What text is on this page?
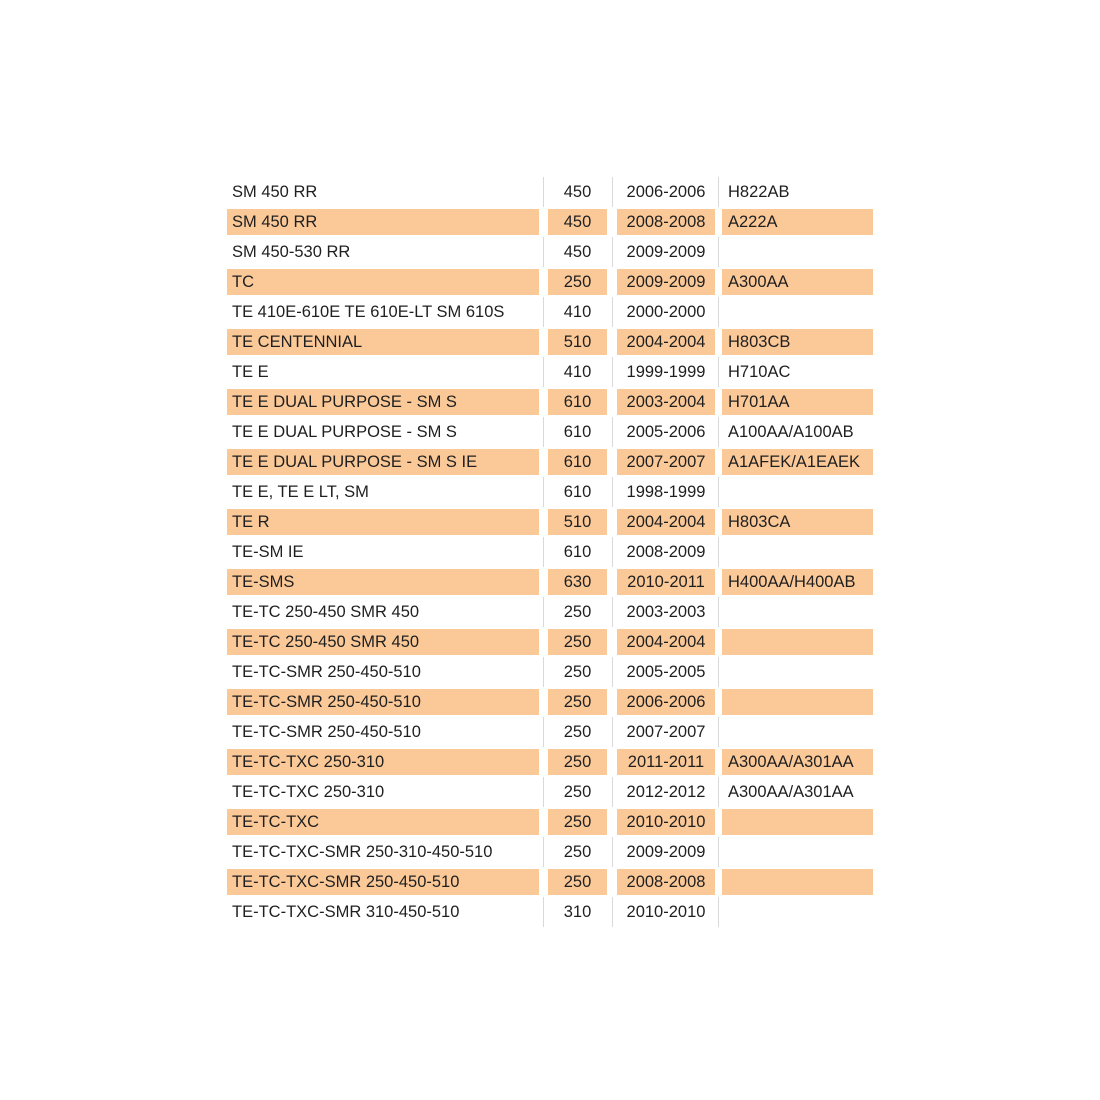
SM 450 RR	450	2006-2006	H822AB
SM 450 RR	450	2008-2008	A222A
SM 450-530 RR	450	2009-2009
TC	250	2009-2009	A300AA
TE 410E-610E TE 610E-LT SM 610S	410	2000-2000
TE CENTENNIAL	510	2004-2004	H803CB
TE E	410	1999-1999	H710AC
TE E DUAL PURPOSE - SM S	610	2003-2004	H701AA
TE E DUAL PURPOSE - SM S	610	2005-2006	A100AA/A100AB
TE E DUAL PURPOSE - SM S IE	610	2007-2007	A1AFEK/A1EAEK
TE E, TE E LT, SM	610	1998-1999
TE R	510	2004-2004	H803CA
TE-SM IE	610	2008-2009
TE-SMS	630	2010-2011	H400AA/H400AB
TE-TC 250-450 SMR 450	250	2003-2003
TE-TC 250-450 SMR 450	250	2004-2004
TE-TC-SMR 250-450-510	250	2005-2005
TE-TC-SMR 250-450-510	250	2006-2006
TE-TC-SMR 250-450-510	250	2007-2007
TE-TC-TXC 250-310	250	2011-2011	A300AA/A301AA
TE-TC-TXC 250-310	250	2012-2012	A300AA/A301AA
TE-TC-TXC	250	2010-2010
TE-TC-TXC-SMR 250-310-450-510	250	2009-2009
TE-TC-TXC-SMR 250-450-510	250	2008-2008
TE-TC-TXC-SMR 310-450-510	310	2010-2010
